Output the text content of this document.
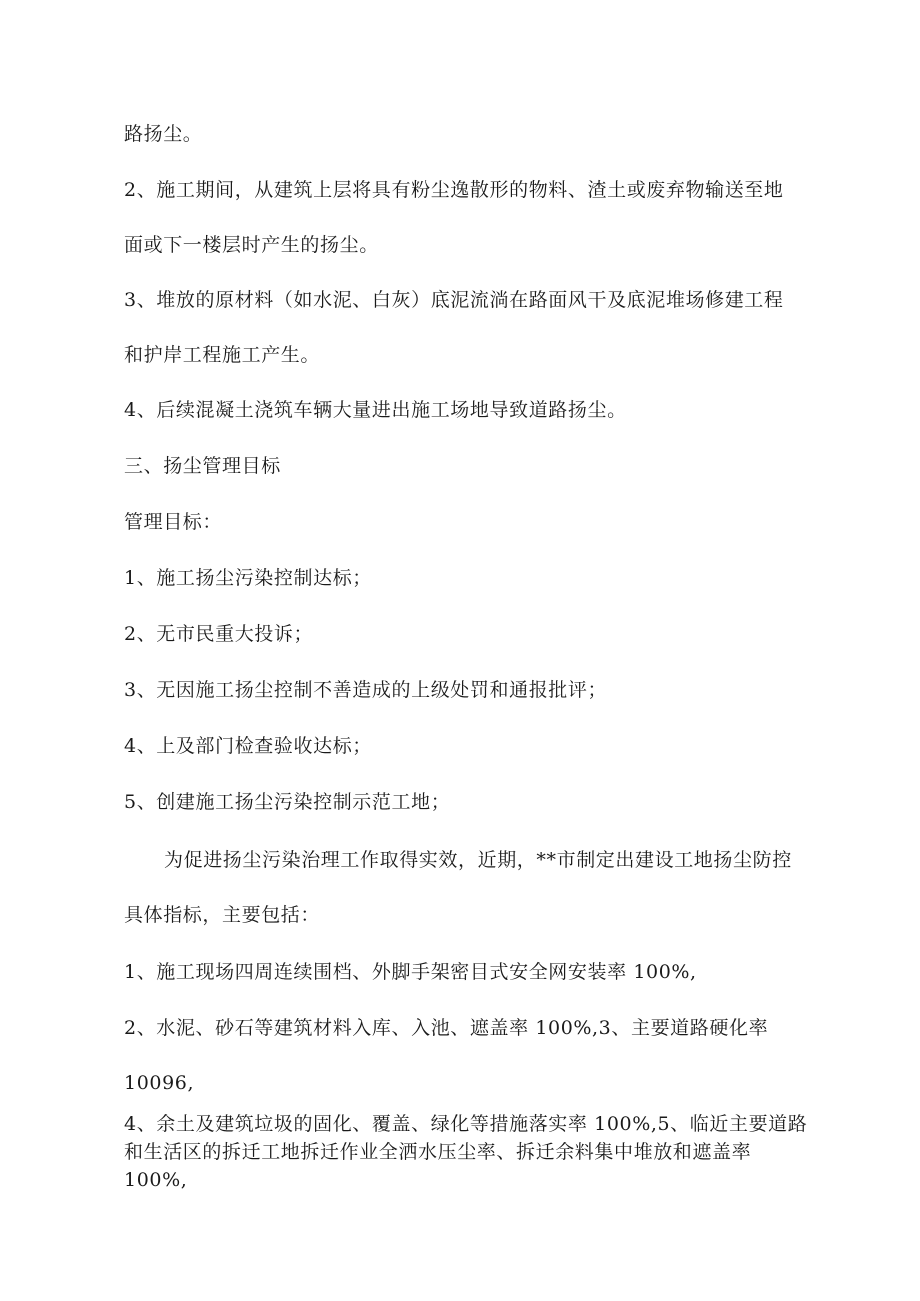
路扬尘。
2、施工期间，从建筑上层将具有粉尘逸散形的物料、渣土或废弃物输送至地
面或下一楼层时产生的扬尘。
3、堆放的原材料（如水泥、白灰）底泥流淌在路面风干及底泥堆场修建工程
和护岸工程施工产生。
4、后续混凝土浇筑车辆大量进出施工场地导致道路扬尘。
三、扬尘管理目标
管理目标：
1、施工扬尘污染控制达标；
2、无市民重大投诉；
3、无因施工扬尘控制不善造成的上级处罚和通报批评；
4、上及部门检查验收达标；
5、创建施工扬尘污染控制示范工地；
为促进扬尘污染治理工作取得实效，近期，**市制定出建设工地扬尘防控
具体指标，主要包括：
1、施工现场四周连续围档、外脚手架密目式安全网安装率 100%,
2、水泥、砂石等建筑材料入库、入池、遮盖率 100%,3、主要道路硬化率
10096,
4、余土及建筑垃圾的固化、覆盖、绿化等措施落实率 100%,5、临近主要道路
和生活区的拆迁工地拆迁作业全洒水压尘率、拆迁余料集中堆放和遮盖率
100%,
